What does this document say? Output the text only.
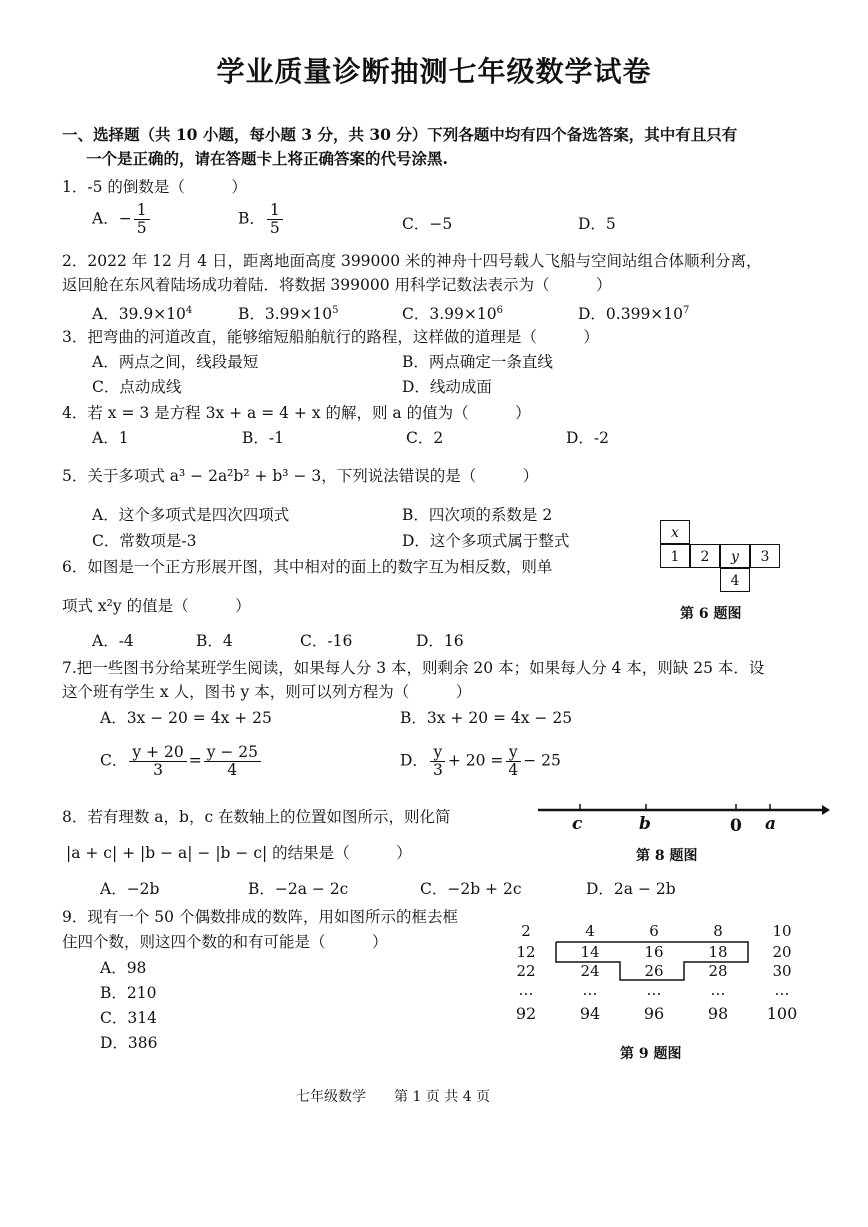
学业质量诊断抽测七年级数学试卷
一、选择题（共 10 小题，每小题 3 分，共 30 分）下列各题中均有四个备选答案，其中有且只有
一个是正确的，请在答题卡上将正确答案的代号涂黑.
1．-5 的倒数是（　　　）
A．− $\frac{1}{5}$	B． $\frac{1}{5}$	C．−5	D．5
2．2022 年 12 月 4 日，距离地面高度 399000 米的神舟十四号载人飞船与空间站组合体顺利分离，
返回舱在东风着陆场成功着陆．将数据 399000 用科学记数法表示为（　　　）
A．$39.9\times 10^4$	B．$3.99\times 10^5$	C．$3.99\times 10^6$	D．$0.399\times 10^7$
3．把弯曲的河道改直，能够缩短船舶航行的路程，这样做的道理是（　　　）
A．两点之间，线段最短	B．两点确定一条直线
C．点动成线	D．线动成面
4．若 x = 3 是方程 3x + a = 4 + x 的解，则 a 的值为（　　　）
A．1	B．-1	C．2	D．-2
5．关于多项式 a³ − 2a²b² + b³ − 3，下列说法错误的是（　　　）
A．这个多项式是四次四项式	B．四次项的系数是 2
C．常数项是-3	D．这个多项式属于整式	x
1	2	y	3
4
第 6 题图
6．如图是一个正方形展开图，其中相对的面上的数字互为相反数，则单
项式 x²y 的值是（　　　）
A．-4	B．4	C．-16	D．16
7.把一些图书分给某班学生阅读，如果每人分 3 本，则剩余 20 本；如果每人分 4 本，则缺 25 本．设
这个班有学生 x 人，图书 y 本，则可以列方程为（　　　）
A．3x − 20 = 4x + 25	B．3x + 20 = 4x − 25
C． $\frac{y + 20}{3} = \frac{y - 25}{4}$	D． $\frac{y}{3} + 20 = \frac{y}{4} - 25$
c	b	0 a
第 8 题图
8．若有理数 a，b，c 在数轴上的位置如图所示，则化简
|a + c| + |b − a| − |b − c| 的结果是（　　　）
A．−2b	B．−2a − 2c	C．−2b + 2c	D．2a − 2b
9．现有一个 50 个偶数排成的数阵，用如图所示的框去框
住四个数，则这四个数的和有可能是（　　　）
A．98
B．210
C．314
D．386
2	4	6	8	10
12	14	16	18	20
22	24	26	28	30
…	…	…	…	…
92	94	96	98	100
第 9 题图
七年级数学　　第 1 页 共 4 页
